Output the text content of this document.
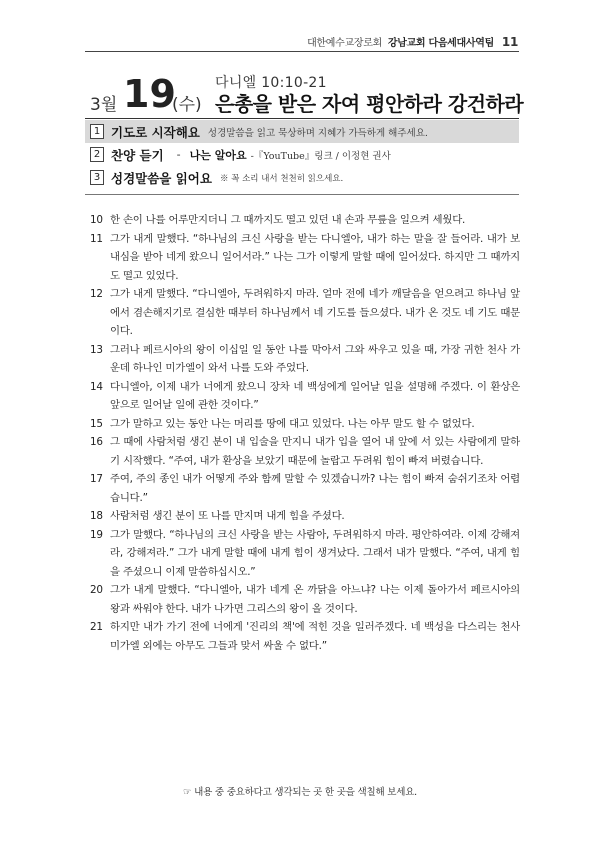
대한예수교장로회 강남교회 다음세대사역팀 11
3월 19
(수)
다니엘 10:10-21
은총을 받은 자여 평안하라 강건하라
1 기도로 시작해요 성경말씀을 읽고 묵상하며 지혜가 가득하게 해주세요.
2 찬양 듣기 - 나는 알아요 -『YouTube』링크 / 이정현 권사
3 성경말씀을 읽어요 ※ 꼭 소리 내서 천천히 읽으세요.
10 한 손이 나를 어루만지더니 그 때까지도 떨고 있던 내 손과 무릎을 일으켜 세웠다.
11 그가 내게 말했다. “하나님의 크신 사랑을 받는 다니엘아, 내가 하는 말을 잘 들어라. 내가 보내심을 받아 네게 왔으니 일어서라.” 나는 그가 이렇게 말할 때에 일어섰다. 하지만 그 때까지도 떨고 있었다.
12 그가 내게 말했다. “다니엘아, 두려워하지 마라. 얼마 전에 네가 깨달음을 얻으려고 하나님 앞에서 겸손해지기로 결심한 때부터 하나님께서 네 기도를 들으셨다. 내가 온 것도 네 기도 때문이다.
13 그러나 페르시아의 왕이 이십일 일 동안 나를 막아서 그와 싸우고 있을 때, 가장 귀한 천사 가운데 하나인 미가엘이 와서 나를 도와 주었다.
14 다니엘아, 이제 내가 너에게 왔으니 장차 네 백성에게 일어날 일을 설명해 주겠다. 이 환상은 앞으로 일어날 일에 관한 것이다.”
15 그가 말하고 있는 동안 나는 머리를 땅에 대고 있었다. 나는 아무 말도 할 수 없었다.
16 그 때에 사람처럼 생긴 분이 내 입술을 만지니 내가 입을 열어 내 앞에 서 있는 사람에게 말하기 시작했다. “주여, 내가 환상을 보았기 때문에 놀랍고 두려워 힘이 빠져 버렸습니다.
17 주여, 주의 종인 내가 어떻게 주와 함께 말할 수 있겠습니까? 나는 힘이 빠져 숨쉬기조차 어렵습니다.”
18 사람처럼 생긴 분이 또 나를 만지며 내게 힘을 주셨다.
19 그가 말했다. “하나님의 크신 사랑을 받는 사람아, 두려워하지 마라. 평안하여라. 이제 강해져라, 강해져라.” 그가 내게 말할 때에 내게 힘이 생겨났다. 그래서 내가 말했다. “주여, 내게 힘을 주셨으니 이제 말씀하십시오.”
20 그가 내게 말했다. “다니엘아, 내가 네게 온 까닭을 아느냐? 나는 이제 돌아가서 페르시아의 왕과 싸워야 한다. 내가 나가면 그리스의 왕이 올 것이다.
21 하지만 내가 가기 전에 너에게 '진리의 책'에 적힌 것을 일러주겠다. 네 백성을 다스리는 천사 미가엘 외에는 아무도 그들과 맞서 싸울 수 없다.”
☞ 내용 중 중요하다고 생각되는 곳 한 곳을 색칠해 보세요.
